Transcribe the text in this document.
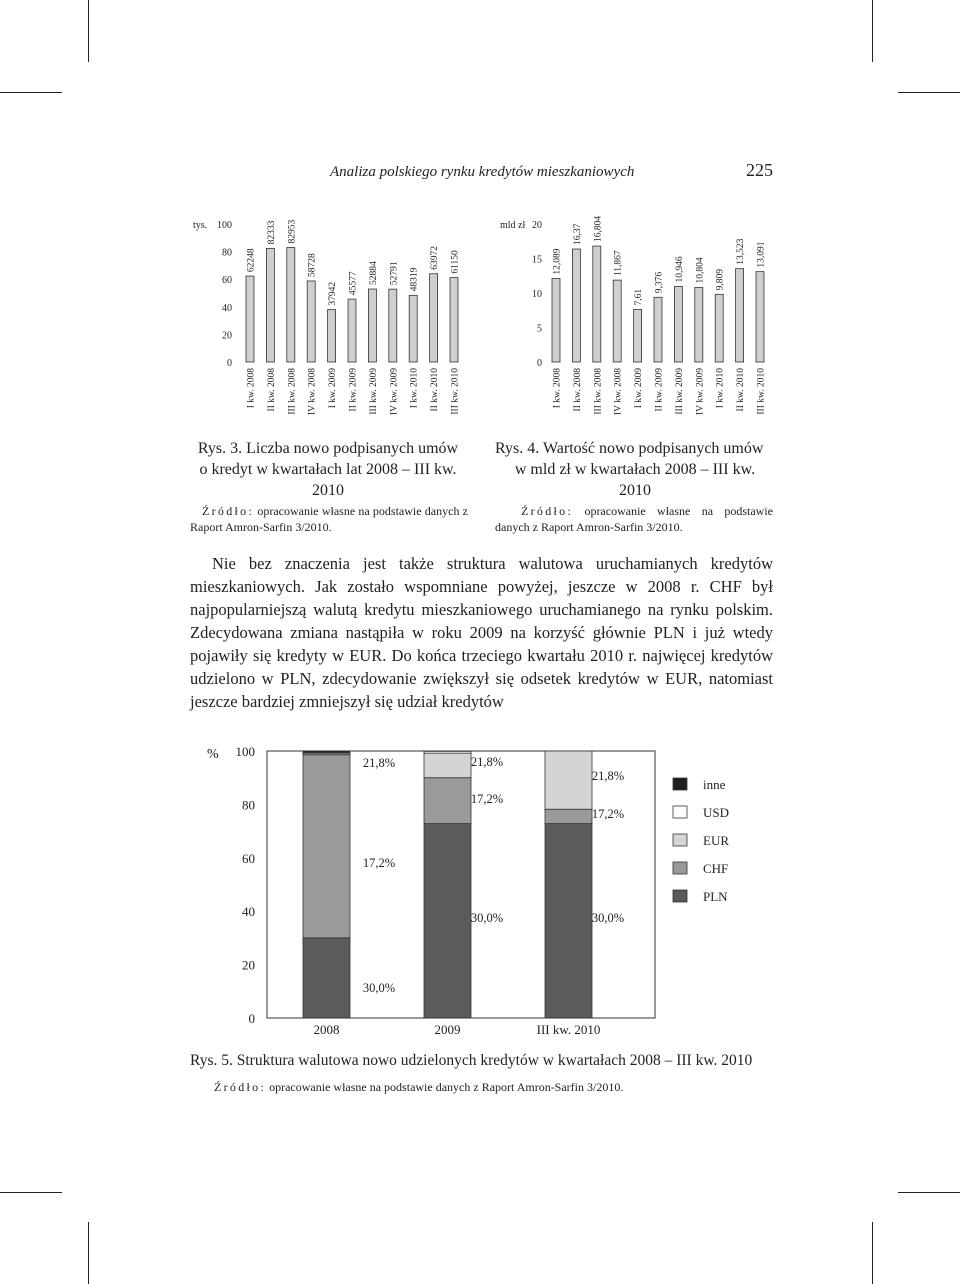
Analiza polskiego rynku kredytów mieszkaniowych	225
tys.
0
20
40
60
80
100
62248
I kw. 2008
82333
II kw. 2008
82953
III kw. 2008
58728
IV kw. 2008
37942
I kw. 2009
45577
II kw. 2009
52884
III kw. 2009
52791
IV kw. 2009
48319
I kw. 2010
63972
II kw. 2010
61150
III kw. 2010
mld zł
0
5
10
15
20
12,089
I kw. 2008
16,37
II kw. 2008
16,804
III kw. 2008
11,867
IV kw. 2008
7,61
I kw. 2009
9,376
II kw. 2009
10,946
III kw. 2009
10,804
IV kw. 2009
9,809
I kw. 2010
13,523
II kw. 2010
13,091
III kw. 2010
Rys. 3. Liczba nowo podpisanych umów
o kredyt w kwartałach lat 2008 – III kw.
2010
Źródło: opracowanie własne na podstawie danych z Raport Amron-Sarfin 3/2010.
Rys. 4. Wartość nowo podpisanych umów
w mld zł w kwartałach 2008 – III kw.
2010
Źródło: opracowanie własne na podstawie danych z Raport Amron-Sarfin 3/2010.

Nie bez znaczenia jest także struktura walutowa uruchamianych kredytów mieszkaniowych. Jak zostało wspomniane powyżej, jeszcze w 2008 r. CHF był najpopularniejszą walutą kredytu mieszkaniowego uruchamianego na rynku polskim. Zdecydowana zmiana nastąpiła w roku 2009 na korzyść głównie PLN i już wtedy pojawiły się kredyty w EUR. Do końca trzeciego kwartału 2010 r. najwięcej kredytów udzielono w PLN, zdecydowanie zwiększył się odsetek kredytów w EUR, natomiast jeszcze bardziej zmniejszył się udział kredytów

%
0
20
40
60
80
100
30,0%
17,2%
21,8%
2008
30,0%
17,2%
21,8%
2009
30,0%
17,2%
21,8%
III kw. 2010
inne
USD
EUR
CHF
PLN
Rys. 5. Struktura walutowa nowo udzielonych kredytów w kwartałach 2008 – III kw. 2010
Źródło: opracowanie własne na podstawie danych z Raport Amron-Sarfin 3/2010.
